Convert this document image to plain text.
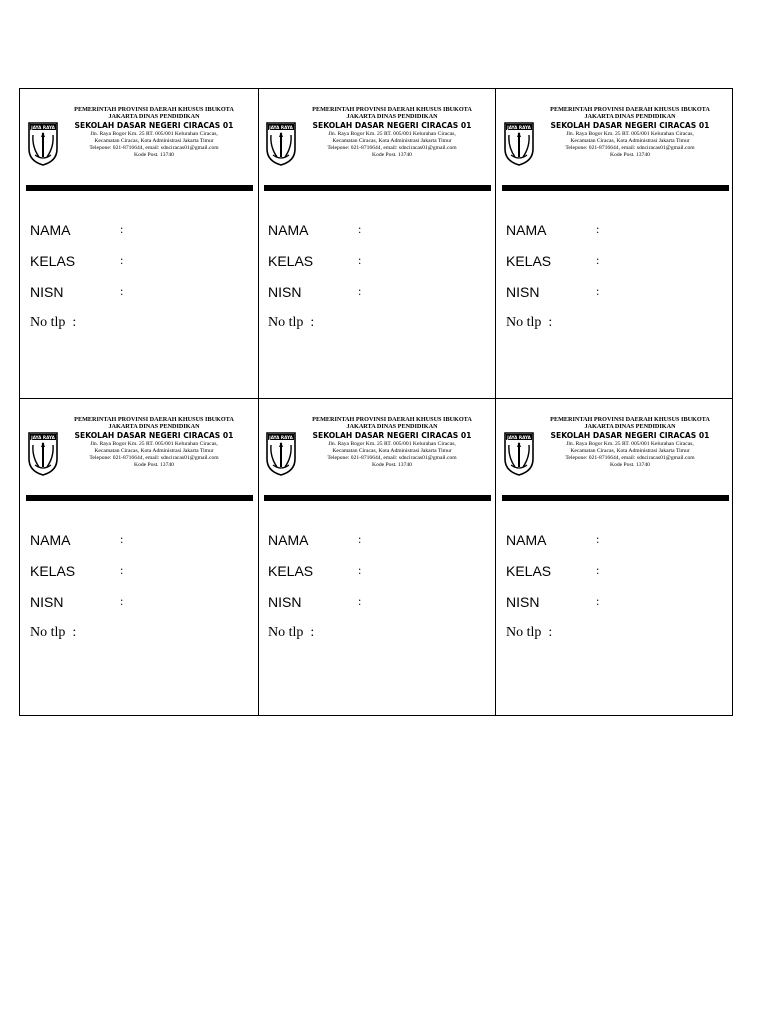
JAYA RAYA
PEMERINTAH PROVINSI DAERAH KHUSUS IBUKOTA
JAKARTA DINAS PENDIDIKAN
SEKOLAH DASAR NEGERI CIRACAS 01
Jln. Raya Bogor Km. 25 RT. 005/001 Kelurahan Ciracas,
Kecamatan Ciracas, Kota Administrasi Jakarta Timur
Telepone: 021-8716644, email: sdnciracas01@gmail.com
Kode Post. 13740
NAMA	:
KELAS	:
NISN	:
No tlp :
JAYA RAYA
PEMERINTAH PROVINSI DAERAH KHUSUS IBUKOTA
JAKARTA DINAS PENDIDIKAN
SEKOLAH DASAR NEGERI CIRACAS 01
Jln. Raya Bogor Km. 25 RT. 005/001 Kelurahan Ciracas,
Kecamatan Ciracas, Kota Administrasi Jakarta Timur
Telepone: 021-8716644, email: sdnciracas01@gmail.com
Kode Post. 13740
NAMA	:
KELAS	:
NISN	:
No tlp :
JAYA RAYA
PEMERINTAH PROVINSI DAERAH KHUSUS IBUKOTA
JAKARTA DINAS PENDIDIKAN
SEKOLAH DASAR NEGERI CIRACAS 01
Jln. Raya Bogor Km. 25 RT. 005/001 Kelurahan Ciracas,
Kecamatan Ciracas, Kota Administrasi Jakarta Timur
Telepone: 021-8716644, email: sdnciracas01@gmail.com
Kode Post. 13740
NAMA	:
KELAS	:
NISN	:
No tlp :
JAYA RAYA
PEMERINTAH PROVINSI DAERAH KHUSUS IBUKOTA
JAKARTA DINAS PENDIDIKAN
SEKOLAH DASAR NEGERI CIRACAS 01
Jln. Raya Bogor Km. 25 RT. 005/001 Kelurahan Ciracas,
Kecamatan Ciracas, Kota Administrasi Jakarta Timur
Telepone: 021-8716644, email: sdnciracas01@gmail.com
Kode Post. 13740
NAMA	:
KELAS	:
NISN	:
No tlp :
JAYA RAYA
PEMERINTAH PROVINSI DAERAH KHUSUS IBUKOTA
JAKARTA DINAS PENDIDIKAN
SEKOLAH DASAR NEGERI CIRACAS 01
Jln. Raya Bogor Km. 25 RT. 005/001 Kelurahan Ciracas,
Kecamatan Ciracas, Kota Administrasi Jakarta Timur
Telepone: 021-8716644, email: sdnciracas01@gmail.com
Kode Post. 13740
NAMA	:
KELAS	:
NISN	:
No tlp :
JAYA RAYA
PEMERINTAH PROVINSI DAERAH KHUSUS IBUKOTA
JAKARTA DINAS PENDIDIKAN
SEKOLAH DASAR NEGERI CIRACAS 01
Jln. Raya Bogor Km. 25 RT. 005/001 Kelurahan Ciracas,
Kecamatan Ciracas, Kota Administrasi Jakarta Timur
Telepone: 021-8716644, email: sdnciracas01@gmail.com
Kode Post. 13740
NAMA	:
KELAS	:
NISN	:
No tlp :
